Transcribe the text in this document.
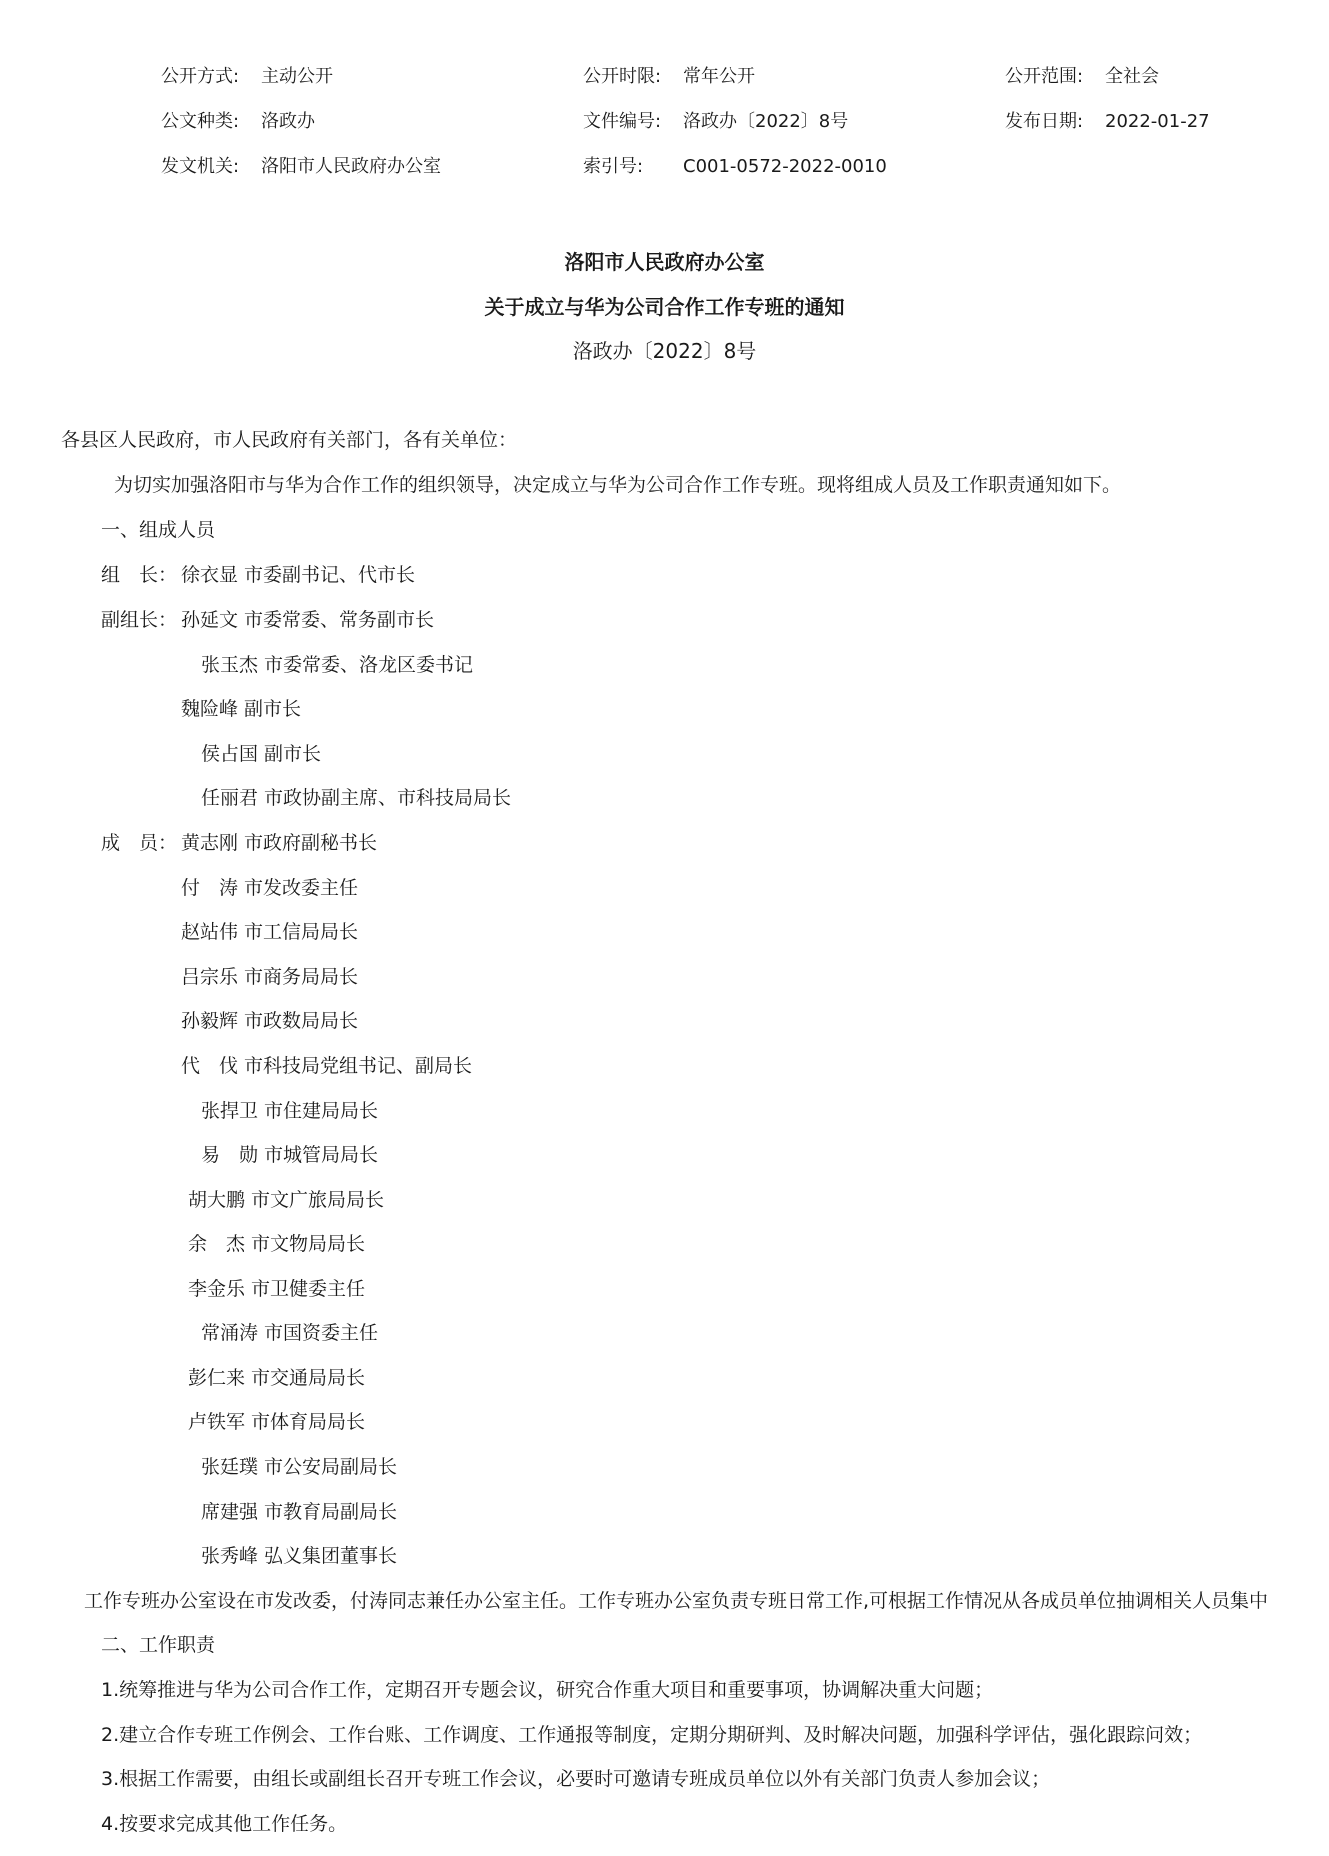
公开方式: 主动公开	公开时限: 常年公开	公开范围: 全社会
公文种类: 洛政办	文件编号: 洛政办〔2022〕8号	发布日期: 2022-01-27
发文机关: 洛阳市人民政府办公室	索引号: C001-0572-2022-0010
洛阳市人民政府办公室
关于成立与华为公司合作工作专班的通知
洛政办〔2022〕8号
各县区人民政府，市人民政府有关部门，各有关单位：
为切实加强洛阳市与华为合作工作的组织领导，决定成立与华为公司合作工作专班。现将组成人员及工作职责通知如下。
一、组成人员
组　长： 徐衣显 市委副书记、代市长
副组长： 孙延文 市委常委、常务副市长
张玉杰 市委常委、洛龙区委书记
魏险峰 副市长
侯占国 副市长
任丽君 市政协副主席、市科技局局长
成　员： 黄志刚 市政府副秘书长
付　涛 市发改委主任
赵站伟 市工信局局长
吕宗乐 市商务局局长
孙毅辉 市政数局局长
代　伐 市科技局党组书记、副局长
张捍卫 市住建局局长
易　勋 市城管局局长
胡大鹏 市文广旅局局长
余　杰 市文物局局长
李金乐 市卫健委主任
常涌涛 市国资委主任
彭仁来 市交通局局长
卢铁军 市体育局局长
张廷璞 市公安局副局长
席建强 市教育局副局长
张秀峰 弘义集团董事长
工作专班办公室设在市发改委，付涛同志兼任办公室主任。工作专班办公室负责专班日常工作,可根据工作情况从各成员单位抽调相关人员集中
二、工作职责
1.统筹推进与华为公司合作工作，定期召开专题会议，研究合作重大项目和重要事项，协调解决重大问题；
2.建立合作专班工作例会、工作台账、工作调度、工作通报等制度，定期分期研判、及时解决问题，加强科学评估，强化跟踪问效；
3.根据工作需要，由组长或副组长召开专班工作会议，必要时可邀请专班成员单位以外有关部门负责人参加会议；
4.按要求完成其他工作任务。
